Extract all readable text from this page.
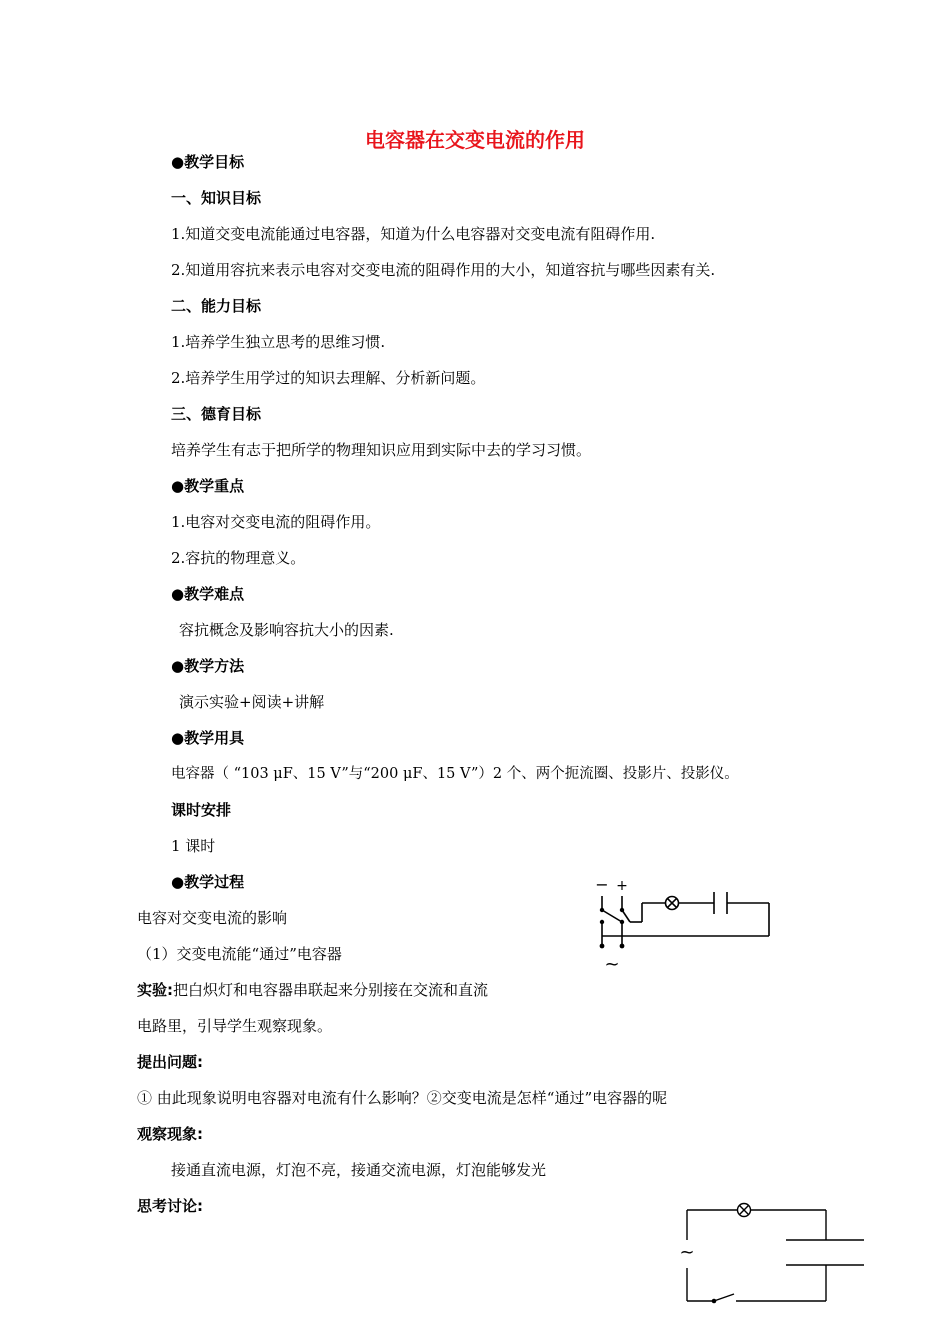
电容器在交变电流的作用
●教学目标
一、知识目标
1.知道交变电流能通过电容器，知道为什么电容器对交变电流有阻碍作用.
2.知道用容抗来表示电容对交变电流的阻碍作用的大小，知道容抗与哪些因素有关.
二、能力目标
1.培养学生独立思考的思维习惯.
2.培养学生用学过的知识去理解、分析新问题。
三、德育目标
培养学生有志于把所学的物理知识应用到实际中去的学习习惯。
●教学重点
1.电容对交变电流的阻碍作用。
2.容抗的物理意义。
●教学难点
容抗概念及影响容抗大小的因素.
●教学方法
演示实验+阅读+讲解
●教学用具
电容器（ “103 μF、15 V”与“200 μF、15 V”）2 个、两个扼流圈、投影片、投影仪。
课时安排
1 课时
●教学过程
电容对交变电流的影响
（1）交变电流能“通过”电容器
实验:把白炽灯和电容器串联起来分别接在交流和直流
电路里，引导学生观察现象。
提出问题:
① 由此现象说明电容器对电流有什么影响？②交变电流是怎样“通过”电容器的呢
观察现象:
接通直流电源，灯泡不亮，接通交流电源，灯泡能够发光
思考讨论:
− +
~
~
